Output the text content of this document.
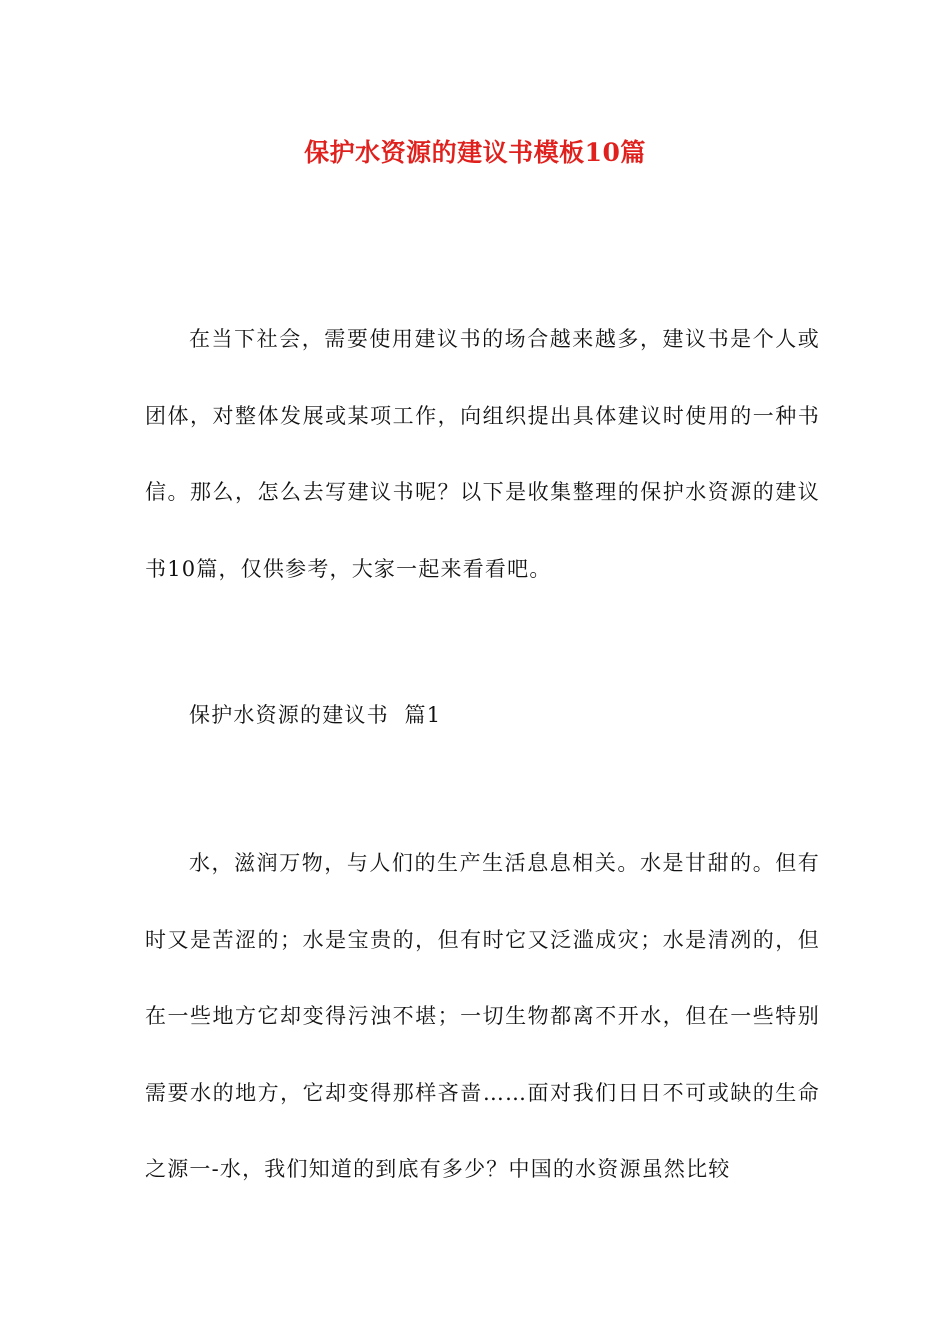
保护水资源的建议书模板10篇
在当下社会，需要使用建议书的场合越来越多，建议书是个人或团体，对整体发展或某项工作，向组织提出具体建议时使用的一种书信。那么，怎么去写建议书呢？以下是收集整理的保护水资源的建议书10篇，仅供参考，大家一起来看看吧。
保护水资源的建议书  篇1
水，滋润万物，与人们的生产生活息息相关。水是甘甜的。但有时又是苦涩的；水是宝贵的，但有时它又泛滥成灾；水是清冽的，但在一些地方它却变得污浊不堪；一切生物都离不开水，但在一些特别需要水的地方，它却变得那样吝啬……面对我们日日不可或缺的生命之源一-水，我们知道的到底有多少？中国的水资源虽然比较
